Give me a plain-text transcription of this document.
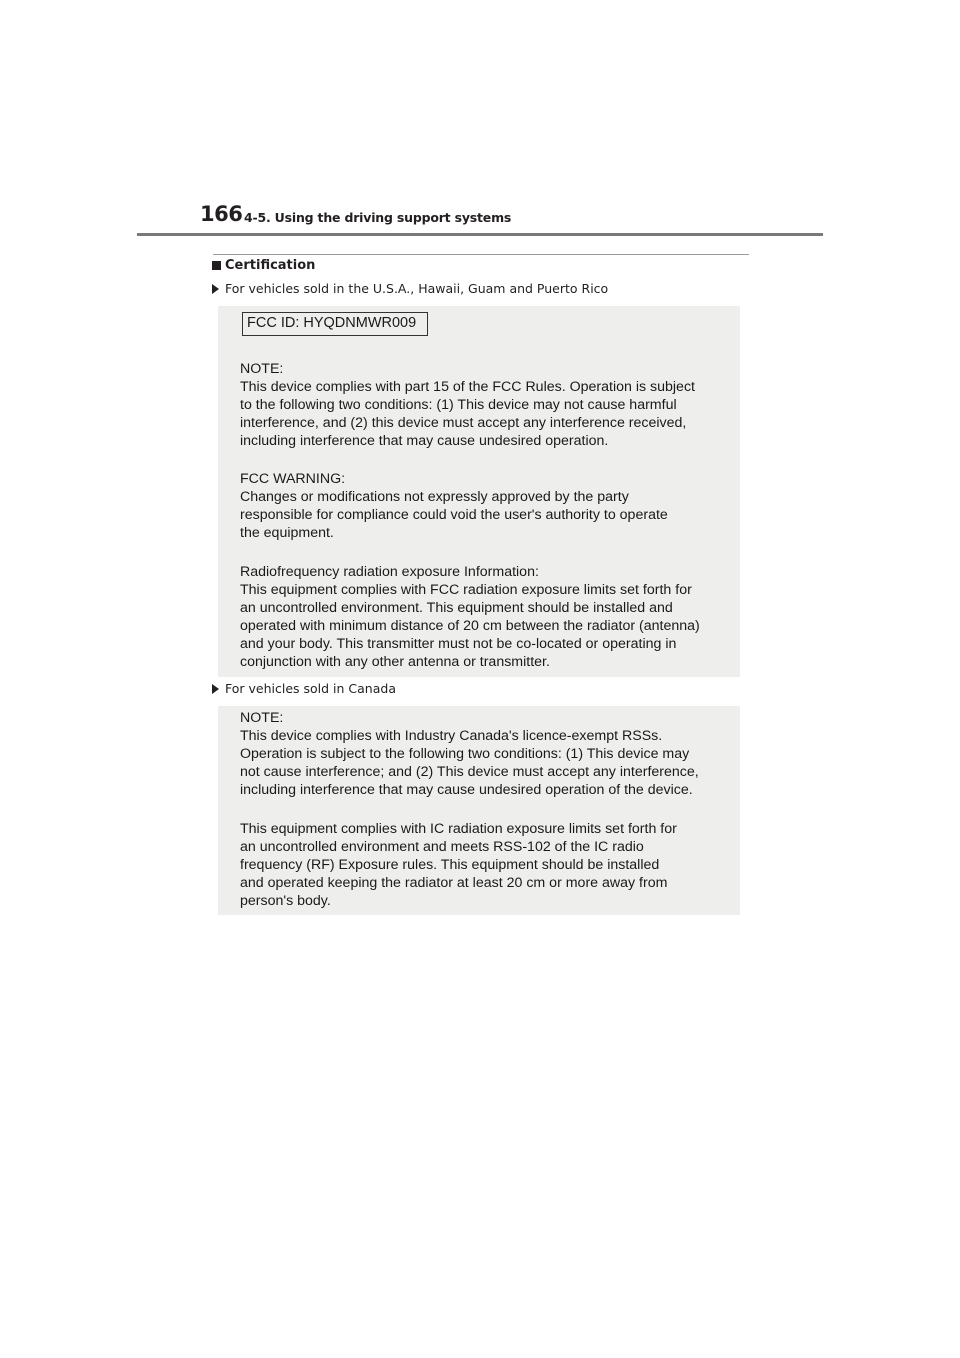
166 4-5. Using the driving support systems
Certification
For vehicles sold in the U.S.A., Hawaii, Guam and Puerto Rico
FCC ID: HYQDNMWR009

NOTE:

This device complies with part 15 of the FCC Rules. Operation is subject

to the following two conditions: (1) This device may not cause harmful

interference, and (2) this device must accept any interference received,

including interference that may cause undesired operation.

FCC WARNING:

Changes or modifications not expressly approved by the party

responsible for compliance could void the user's authority to operate

the equipment.

Radiofrequency radiation exposure Information:

This equipment complies with FCC radiation exposure limits set forth for

an uncontrolled environment. This equipment should be installed and

operated with minimum distance of 20 cm between the radiator (antenna)

and your body. This transmitter must not be co-located or operating in

conjunction with any other antenna or transmitter.

For vehicles sold in Canada

NOTE:

This device complies with Industry Canada's licence-exempt RSSs.

Operation is subject to the following two conditions: (1) This device may

not cause interference; and (2) This device must accept any interference,

including interference that may cause undesired operation of the device.

This equipment complies with IC radiation exposure limits set forth for

an uncontrolled environment and meets RSS-102 of the IC radio

frequency (RF) Exposure rules. This equipment should be installed

and operated keeping the radiator at least 20 cm or more away from

person's body.
